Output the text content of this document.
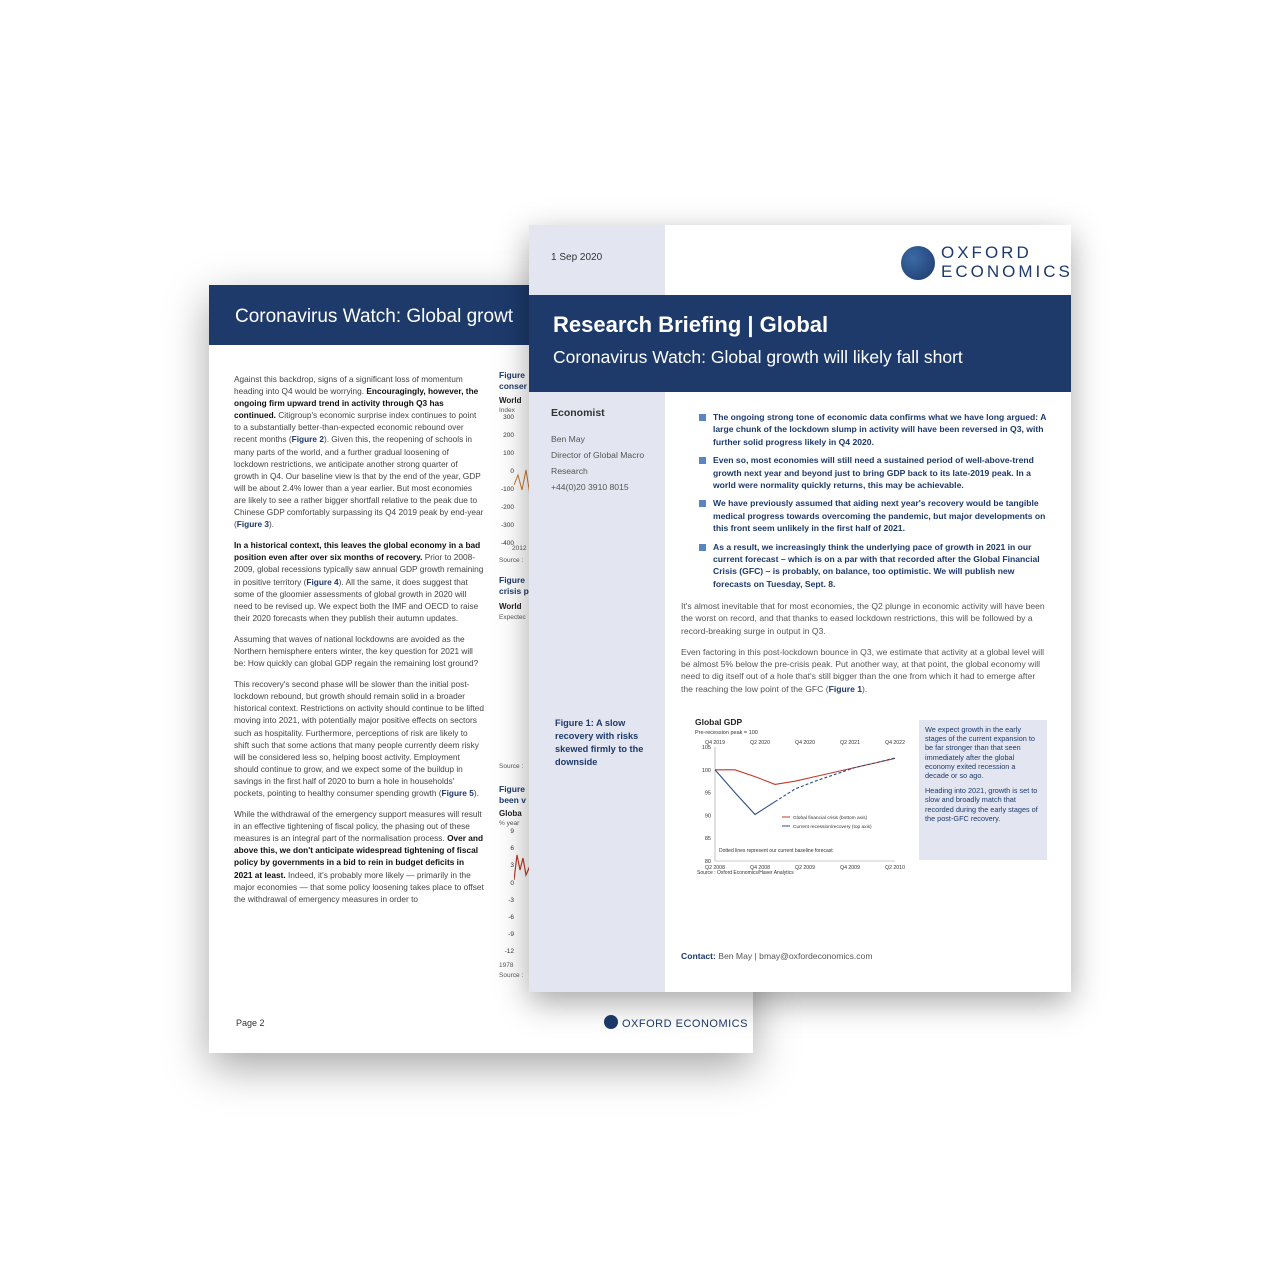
Coronavirus Watch: Global growt

Against this backdrop, signs of a significant loss of momentum heading into Q4 would be worrying. Encouragingly, however, the ongoing firm upward trend in activity through Q3 has continued. Citigroup's economic surprise index continues to point to a substantially better-than-expected economic rebound over recent months (Figure 2). Given this, the reopening of schools in many parts of the world, and a further gradual loosening of lockdown restrictions, we anticipate another strong quarter of growth in Q4. Our baseline view is that by the end of the year, GDP will be about 2.4% lower than a year earlier. But most economies are likely to see a rather bigger shortfall relative to the peak due to Chinese GDP comfortably surpassing its Q4 2019 peak by end-year (Figure 3).

In a historical context, this leaves the global economy in a bad position even after over six months of recovery. Prior to 2008-2009, global recessions typically saw annual GDP growth remaining in positive territory (Figure 4). All the same, it does suggest that some of the gloomier assessments of global growth in 2020 will need to be revised up. We expect both the IMF and OECD to raise their 2020 forecasts when they publish their autumn updates.

Assuming that waves of national lockdowns are avoided as the Northern hemisphere enters winter, the key question for 2021 will be: How quickly can global GDP regain the remaining lost ground?

This recovery's second phase will be slower than the initial post-lockdown rebound, but growth should remain solid in a broader historical context. Restrictions on activity should continue to be lifted moving into 2021, with potentially major positive effects on sectors such as hospitality. Furthermore, perceptions of risk are likely to shift such that some actions that many people currently deem risky will be considered less so, helping boost activity. Employment should continue to grow, and we expect some of the buildup in savings in the first half of 2020 to burn a hole in households' pockets, pointing to healthy consumer spending growth (Figure 5).

While the withdrawal of the emergency support measures will result in an effective tightening of fiscal policy, the phasing out of these measures is an integral part of the normalisation process. Over and above this, we don't anticipate widespread tightening of fiscal policy by governments in a bid to rein in budget deficits in 2021 at least. Indeed, it's probably more likely — primarily in the major economies — that some policy loosening takes place to offset the withdrawal of emergency measures in order to

Figure
conser
World
Index
300
200
100
0
-100
-200
-300
-400
2012
Source :
Figure
crisis p
World
Expectec
Source :
Figure
been v
Globa
% year
9
6
3
0
-3
-6
-9
-12
1978
Source :
Page 2	OXFORD ECONOMICS
1 Sep 2020	OXFORD
ECONOMICS
Research Briefing | Global
Coronavirus Watch: Global growth will likely fall short
Economist
Ben May
Director of Global Macro Research
+44(0)20 3910 8015
The ongoing strong tone of economic data confirms what we have long argued: A large chunk of the lockdown slump in activity will have been reversed in Q3, with further solid progress likely in Q4 2020.
Even so, most economies will still need a sustained period of well-above-trend growth next year and beyond just to bring GDP back to its late-2019 peak. In a world were normality quickly returns, this may be achievable.
We have previously assumed that aiding next year's recovery would be tangible medical progress towards overcoming the pandemic, but major developments on this front seem unlikely in the first half of 2021.
As a result, we increasingly think the underlying pace of growth in 2021 in our current forecast – which is on a par with that recorded after the Global Financial Crisis (GFC) – is probably, on balance, too optimistic. We will publish new forecasts on Tuesday, Sept. 8.

It's almost inevitable that for most economies, the Q2 plunge in economic activity will have been the worst on record, and that thanks to eased lockdown restrictions, this will be followed by a record-breaking surge in output in Q3.

Even factoring in this post-lockdown bounce in Q3, we estimate that activity at a global level will be almost 5% below the pre-crisis peak. Put another way, at that point, the global economy will need to dig itself out of a hole that's still bigger than the one from which it had to emerge after the reaching the low point of the GFC (Figure 1).

Figure 1: A slow recovery with risks skewed firmly to the downside
Global GDP
Pre-recession peak = 100
Q4 2019	Q2 2020	Q4 2020	Q2 2021	Q4 2022
80
85
90
95
100
105
Q2 2008	Q4 2008	Q2 2009	Q4 2009	Q2 2010
Global financial crisis (bottom axis)
Current recession/recovery (top axis)
Dotted lines represent our current baseline forecast
Source : Oxford Economics/Haver Analytics

We expect growth in the early stages of the current expansion to be far stronger than that seen immediately after the global economy exited recession a decade or so ago.

Heading into 2021, growth is set to slow and broadly match that recorded during the early stages of the post-GFC recovery.

Contact: Ben May | bmay@oxfordeconomics.com
